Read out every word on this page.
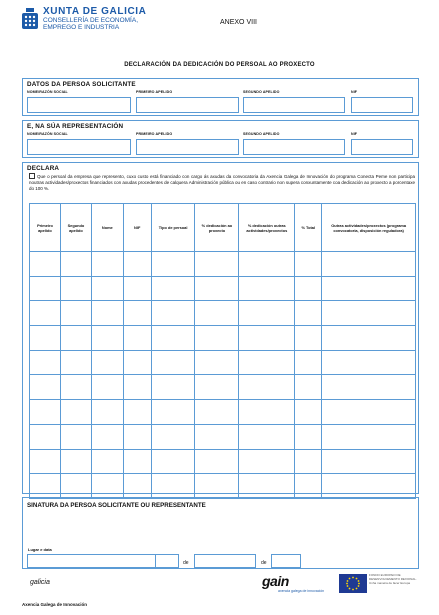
XUNTA DE GALICIA
CONSELLERÍA DE ECONOMÍA,
EMPREGO E INDUSTRIA
ANEXO VIII
DECLARACIÓN DA DEDICACIÓN DO PERSOAL AO PROXECTO
DATOS DA PERSOA SOLICITANTE
NOME/RAZÓN SOCIAL	PRIMEIRO APELIDO	SEGUNDO APELIDO	NIF
E, NA SÚA REPRESENTACIÓN
NOME/RAZÓN SOCIAL	PRIMEIRO APELIDO	SEGUNDO APELIDO	NIF
DECLARA
Que o persoal da empresa que represento, cuxo custo está financiado con cargo ás axudas da convocatoria da Axencia Galega de Innovación do programa Conecta Peme non participa noutras actividades/proxectos financiados con axudas procedentes de calquera Administración pública ou en caso contrario non supera conxuntamente coa dedicación ao proxecto a porcentaxe do 100 %.
Primeiro apelido	Segundo apelido	Nome	NIF	Tipo de persoal	% dedicación ao proxecto	% dedicación outras actividades/proxectos	% Total	Outras actividades/proxectos (programa convocatoria, disposición reguladora)

SINATURA DA PERSOA SOLICITANTE OU REPRESENTANTE
Lugar e data
de	de
galicia	gain
axencia galega de innovación
FONDO EUROPEO DE DESENVOLVEMENTO REXIONAL. Unha maneira de facer Europa
Axencia Galega de Innovación
